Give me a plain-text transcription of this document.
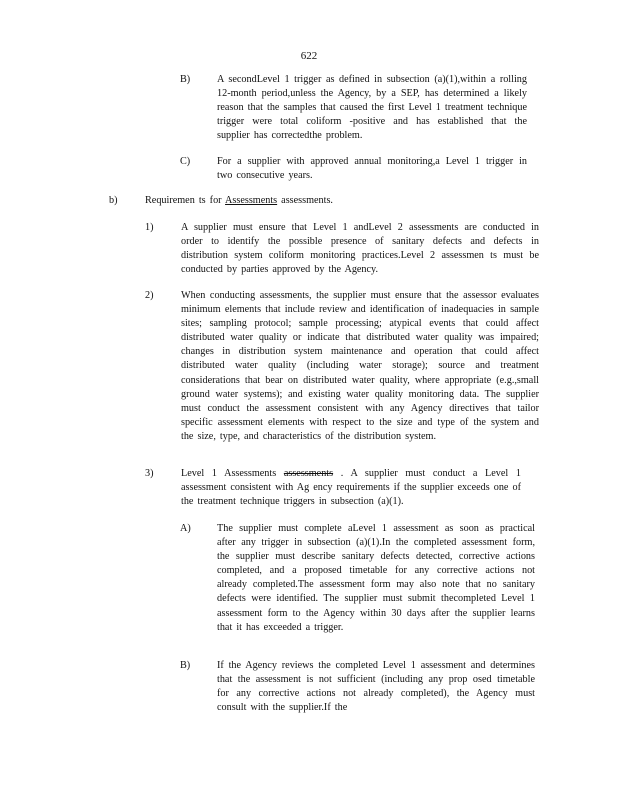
622
B)	A secondLevel 1 trigger as defined in subsection (a)(1),within a rolling 12-month period,unless the Agency, by a SEP, has determined a likely reason that the samples that caused the first Level 1 treatment technique trigger were total coliform -positive and has established that the supplier has correctedthe problem.
C)	For a supplier with approved annual monitoring,a Level 1 trigger in two consecutive years.
b)	Requiremen ts for Assessments assessments.
1)	A supplier must ensure that Level 1 andLevel 2 assessments are conducted in order to identify the possible presence of sanitary defects and defects in distribution system coliform monitoring practices.Level 2 assessmen ts must be conducted by parties approved by the Agency.
2)	When conducting assessments, the supplier must ensure that the assessor evaluates minimum elements that include review and identification of inadequacies in sample sites; sampling protocol; sample processing; atypical events that could affect distributed water quality or indicate that distributed water quality was impaired; changes in distribution system maintenance and operation that could affect distributed water quality (including water storage); source and treatment considerations that bear on distributed water quality, where appropriate (e.g.,small ground water systems); and existing water quality monitoring data. The supplier must conduct the assessment consistent with any Agency directives that tailor specific assessment elements with respect to the size and type of the system and the size, type, and characteristics of the distribution system.
3)	Level 1 Assessments assessments . A supplier must conduct a Level 1 assessment consistent with Ag ency requirements if the supplier exceeds one of the treatment technique triggers in subsection (a)(1).
A)	The supplier must complete aLevel 1 assessment as soon as practical after any trigger in subsection (a)(1).In the completed assessment form, the supplier must describe sanitary defects detected, corrective actions completed, and a proposed timetable for any corrective actions not already completed.The assessment form may also note that no sanitary defects were identified. The supplier must submit thecompleted Level 1 assessment form to the Agency within 30 days after the supplier learns that it has exceeded a trigger.
B)	If the Agency reviews the completed Level 1 assessment and determines that the assessment is not sufficient (including any prop osed timetable for any corrective actions not already completed), the Agency must consult with the supplier.If the
